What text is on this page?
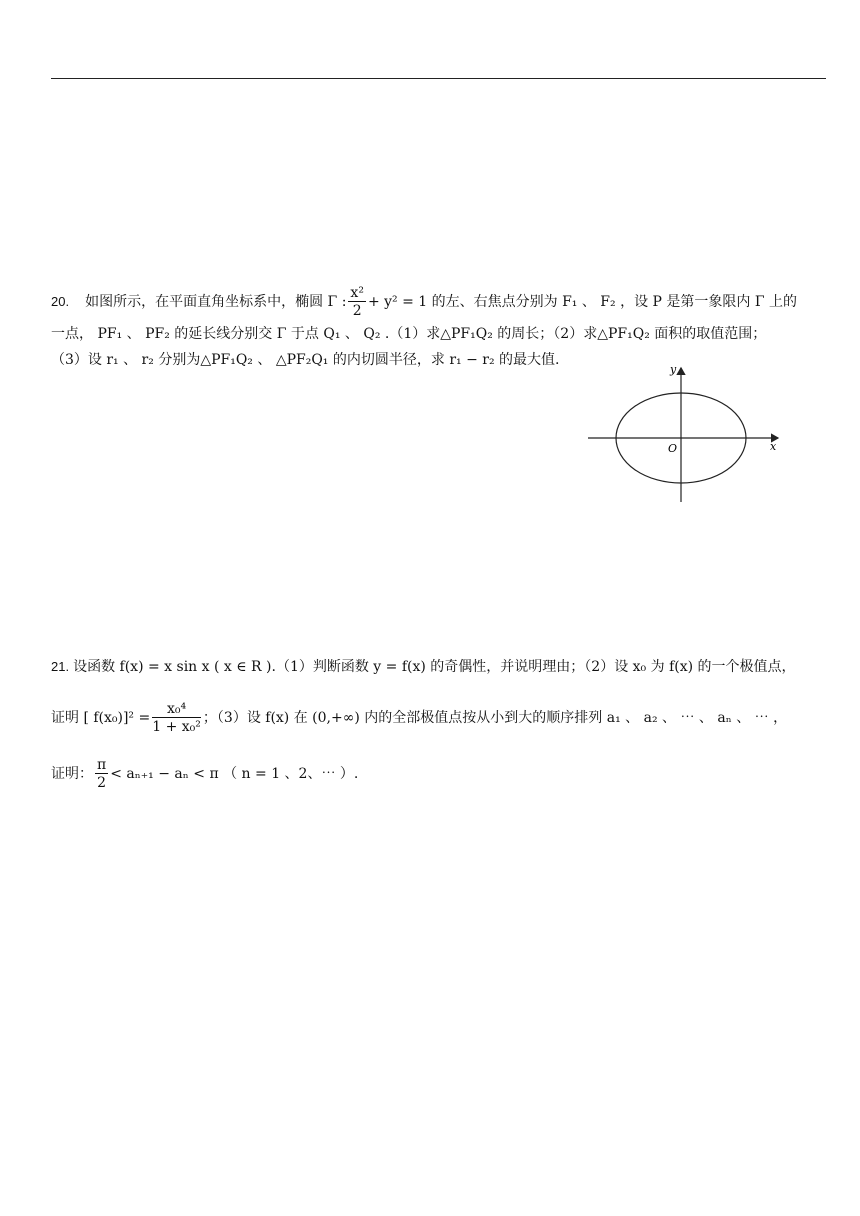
20. 如图所示，在平面直角坐标系中，椭圆 Γ : $\frac{\text{x²}}{2} + y^2 = 1$ 的左、右焦点分别为 F₁ 、 F₂ ，设 P 是第一象限内 Γ 上的
一点， PF₁ 、 PF₂ 的延长线分别交 Γ 于点 Q₁ 、 Q₂ .（1）求△PF₁Q₂ 的周长；（2）求△PF₁Q₂ 面积的取值范围；
（3）设 r₁ 、 r₂ 分别为△PF₁Q₂ 、 △PF₂Q₁ 的内切圆半径，求 r₁ − r₂ 的最大值.
x
y
O
21. 设函数 f(x) = x sin x ( x ∈ R ).（1）判断函数 y = f(x) 的奇偶性，并说明理由；（2）设 x₀ 为 f(x) 的一个极值点，
证明 [ $f(x_0)]^2 = \frac{\text{x₀⁴}}{\text{1 + x₀²}}$ ；（3）设 f(x) 在 (0,+∞) 内的全部极值点按从小到大的顺序排列 a₁ 、 a₂ 、 ⋯ 、 aₙ 、 ⋯ ，
证明： $\frac{\pi}{2} < a_{n+1} - a_n < \pi$ （ n = 1 、2、⋯ ）.
